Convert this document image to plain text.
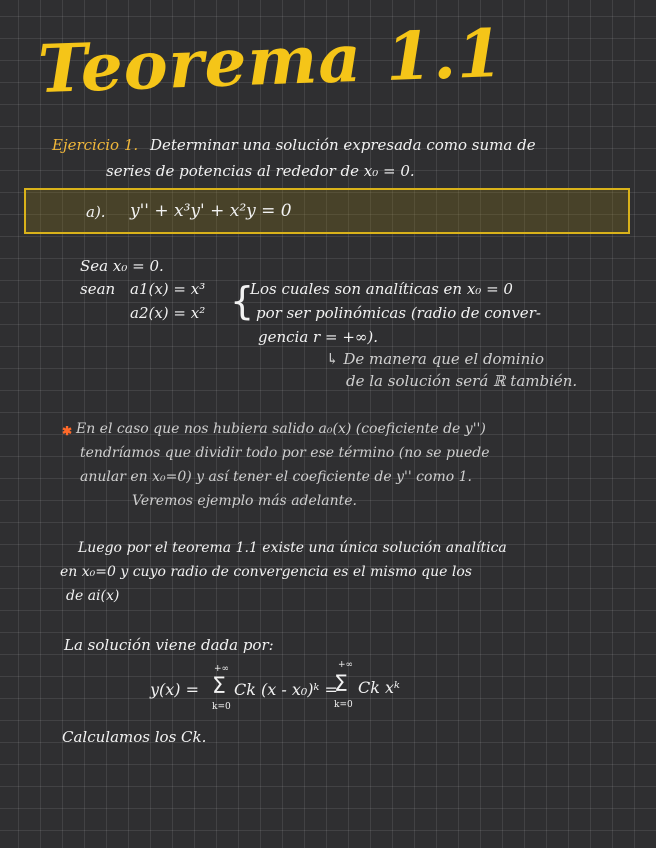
Teorema 1.1
Ejercicio 1. Determinar una solución expresada como suma de
series de potencias al rededor de x₀ = 0.
a). y'' + x³y' + x²y = 0
Sea x₀ = 0.
sean a1(x) = x³
a2(x) = x² {
Los cuales son analíticas en x₀ = 0
por ser polinómicas (radio de conver-
gencia r = +∞).
↳ De manera que el dominio
de la solución será ℝ también.
✱ En el caso que nos hubiera salido a₀(x) (coeficiente de y'')
tendríamos que dividir todo por ese término (no se puede
anular en x₀=0) y así tener el coeficiente de y'' como 1.
Veremos ejemplo más adelante.
Luego por el teorema 1.1 existe una única solución analítica
en x₀=0 y cuyo radio de convergencia es el mismo que los
de ai(x)
La solución viene dada por:
y(x) =
+∞
Σ
k=0
Ck (x - x₀)ᵏ =
+∞
Σ
k=0
Ck xᵏ
Calculamos los Ck.
